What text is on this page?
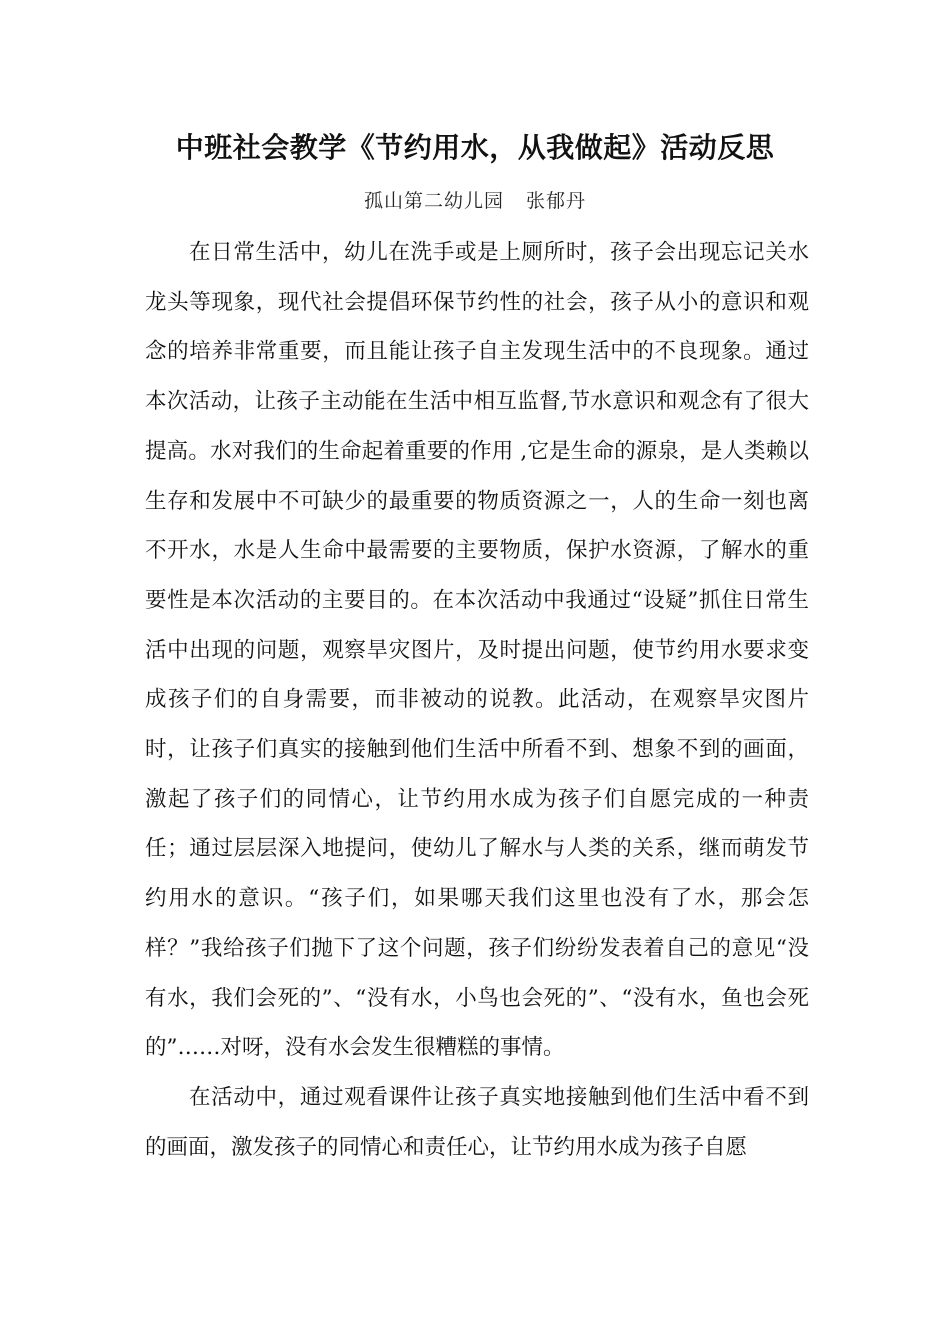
中班社会教学《节约用水，从我做起》活动反思
孤山第二幼儿园 张郁丹

在日常生活中，幼儿在洗手或是上厕所时，孩子会出现忘记关水龙头等现象，现代社会提倡环保节约性的社会，孩子从小的意识和观念的培养非常重要，而且能让孩子自主发现生活中的不良现象。通过本次活动，让孩子主动能在生活中相互监督,节水意识和观念有了很大提高。水对我们的生命起着重要的作用 ,它是生命的源泉，是人类赖以生存和发展中不可缺少的最重要的物质资源之一，人的生命一刻也离不开水，水是人生命中最需要的主要物质，保护水资源，了解水的重要性是本次活动的主要目的。在本次活动中我通过“设疑”抓住日常生活中出现的问题，观察旱灾图片，及时提出问题，使节约用水要求变成孩子们的自身需要，而非被动的说教。此活动，在观察旱灾图片时，让孩子们真实的接触到他们生活中所看不到、想象不到的画面，激起了孩子们的同情心，让节约用水成为孩子们自愿完成的一种责任；通过层层深入地提问，使幼儿了解水与人类的关系，继而萌发节约用水的意识。“孩子们，如果哪天我们这里也没有了水，那会怎样？”我给孩子们抛下了这个问题，孩子们纷纷发表着自己的意见“没有水，我们会死的”、“没有水，小鸟也会死的”、“没有水，鱼也会死的”……对呀，没有水会发生很糟糕的事情。

在活动中，通过观看课件让孩子真实地接触到他们生活中看不到的画面，激发孩子的同情心和责任心，让节约用水成为孩子自愿
